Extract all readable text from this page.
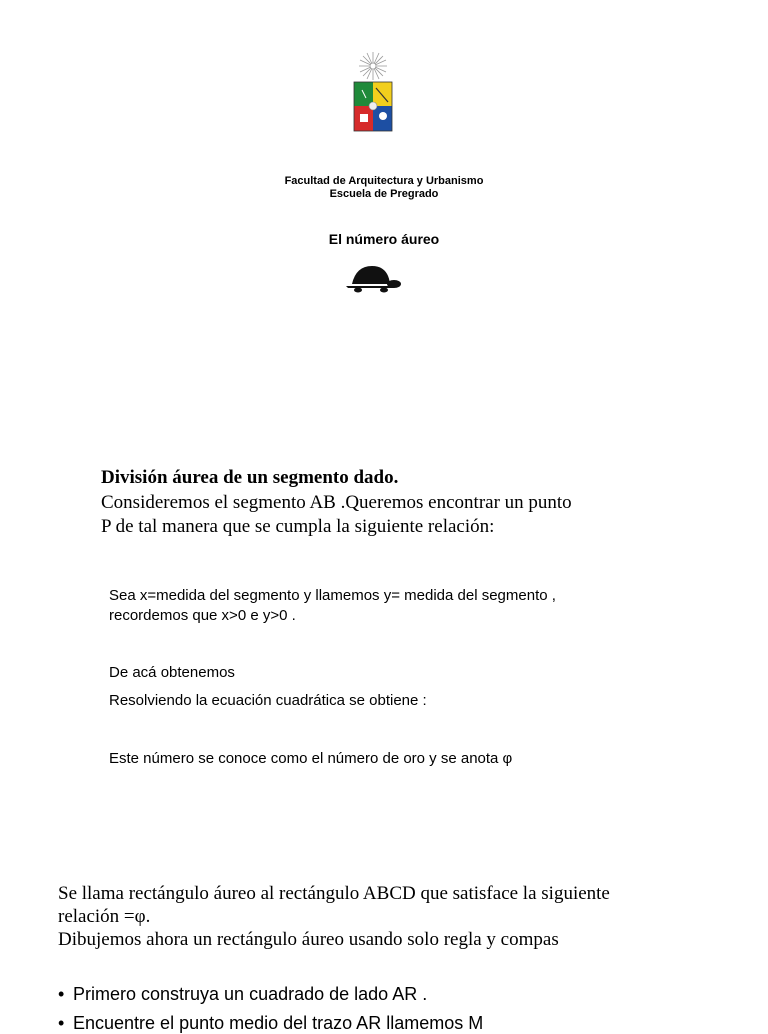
Facultad de Arquitectura y Urbanismo
Escuela de Pregrado
El número áureo
División áurea de un segmento dado.
Consideremos el segmento AB .Queremos encontrar un punto
P de tal manera que se cumpla la siguiente relación:
Sea x=medida del segmento y llamemos y= medida del segmento ,
recordemos que x>0 e y>0 .
De acá obtenemos
Resolviendo la ecuación cuadrática se obtiene :
Este número se conoce como el número de oro y se anota φ
Se llama rectángulo áureo al rectángulo ABCD que satisface la siguiente
relación =φ.
Dibujemos ahora un rectángulo áureo usando solo regla y compas
• Primero construya un cuadrado de lado AR .
• Encuentre el punto medio del trazo AR llamemos M
